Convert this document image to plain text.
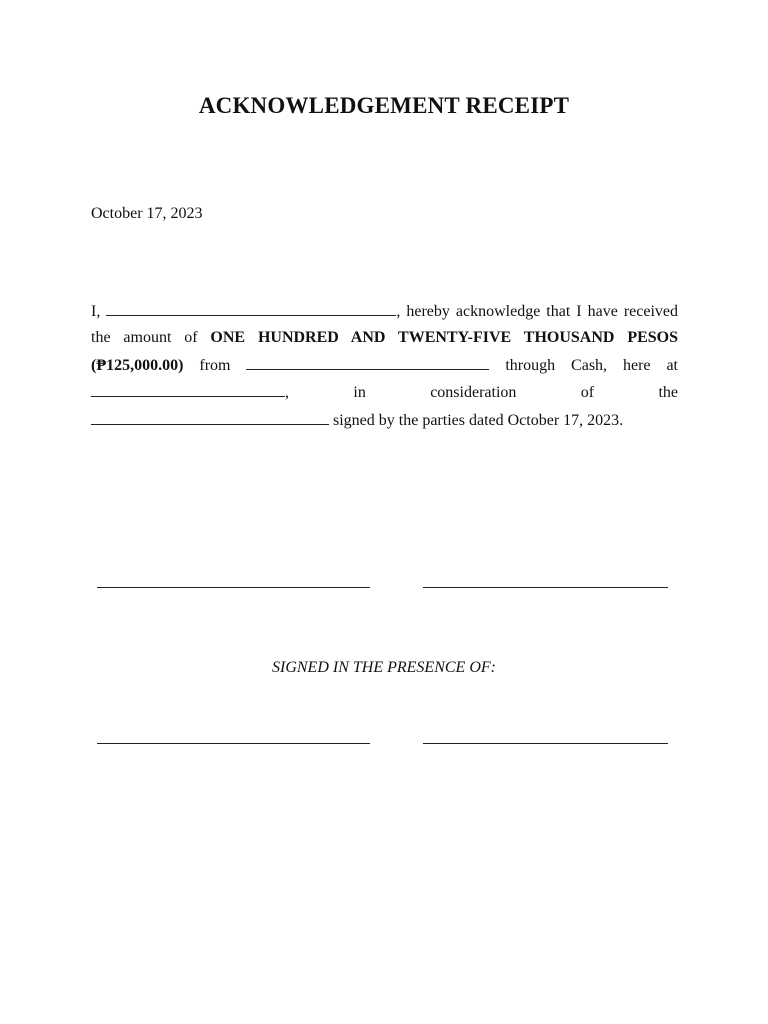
ACKNOWLEDGEMENT RECEIPT
October 17, 2023
I,	, hereby acknowledge that I have received the amount of ONE HUNDRED AND TWENTY-FIVE THOUSAND PESOS (₱125,000.00) from	through Cash, here at , in consideration of the  signed by the parties dated October 17, 2023.
SIGNED IN THE PRESENCE OF:
